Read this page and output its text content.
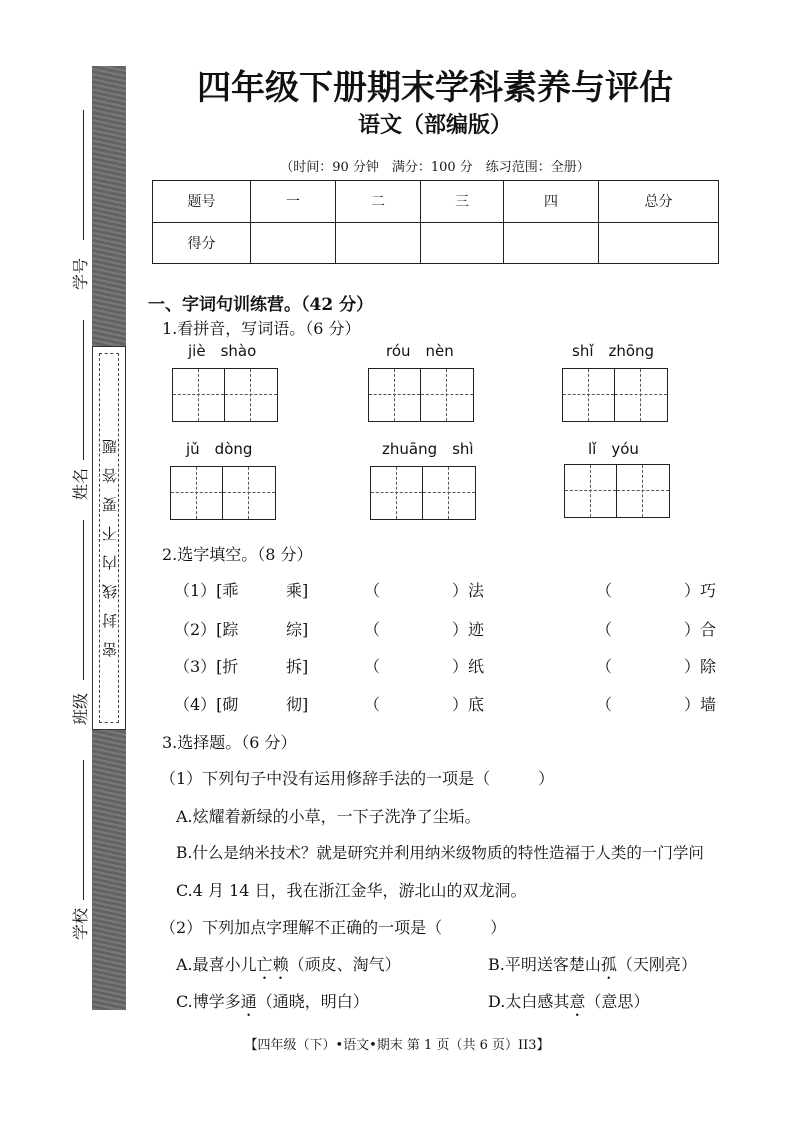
密封线内不要答题
学号
姓名
班级
学校
四年级下册期末学科素养与评估
语文（部编版）
（时间：90 分钟　满分：100 分　练习范围：全册）
题号	一	二	三	四	总分
得分					
一、字词句训练营。（42 分）
1.看拼音，写词语。（6 分）
jiè　shào	róu　nèn	shǐ　zhōng
jǔ　dòng	zhuāng　shì	lǐ　yóu
2.选字填空。（8 分）
（1）[乖	乘]	（	）法	（	）巧
（2）[踪	综]	（	）迹	（	）合
（3）[折	拆]	（	）纸	（	）除
（4）[砌	彻]	（	）底	（	）墙
3.选择题。（6 分）
（1）下列句子中没有运用修辞手法的一项是（　　　）
A.炫耀着新绿的小草，一下子洗净了尘垢。
B.什么是纳米技术？就是研究并利用纳米级物质的特性造福于人类的一门学问
C.4 月 14 日，我在浙江金华，游北山的双龙洞。
（2）下列加点字理解不正确的一项是（　　　）
A.最喜小儿亡赖（顽皮、淘气）	B.平明送客楚山孤（天刚亮）
C.博学多通（通晓，明白）	D.太白感其意（意思）
【四年级（下）•语文•期末 第 1 页（共 6 页）II3】
